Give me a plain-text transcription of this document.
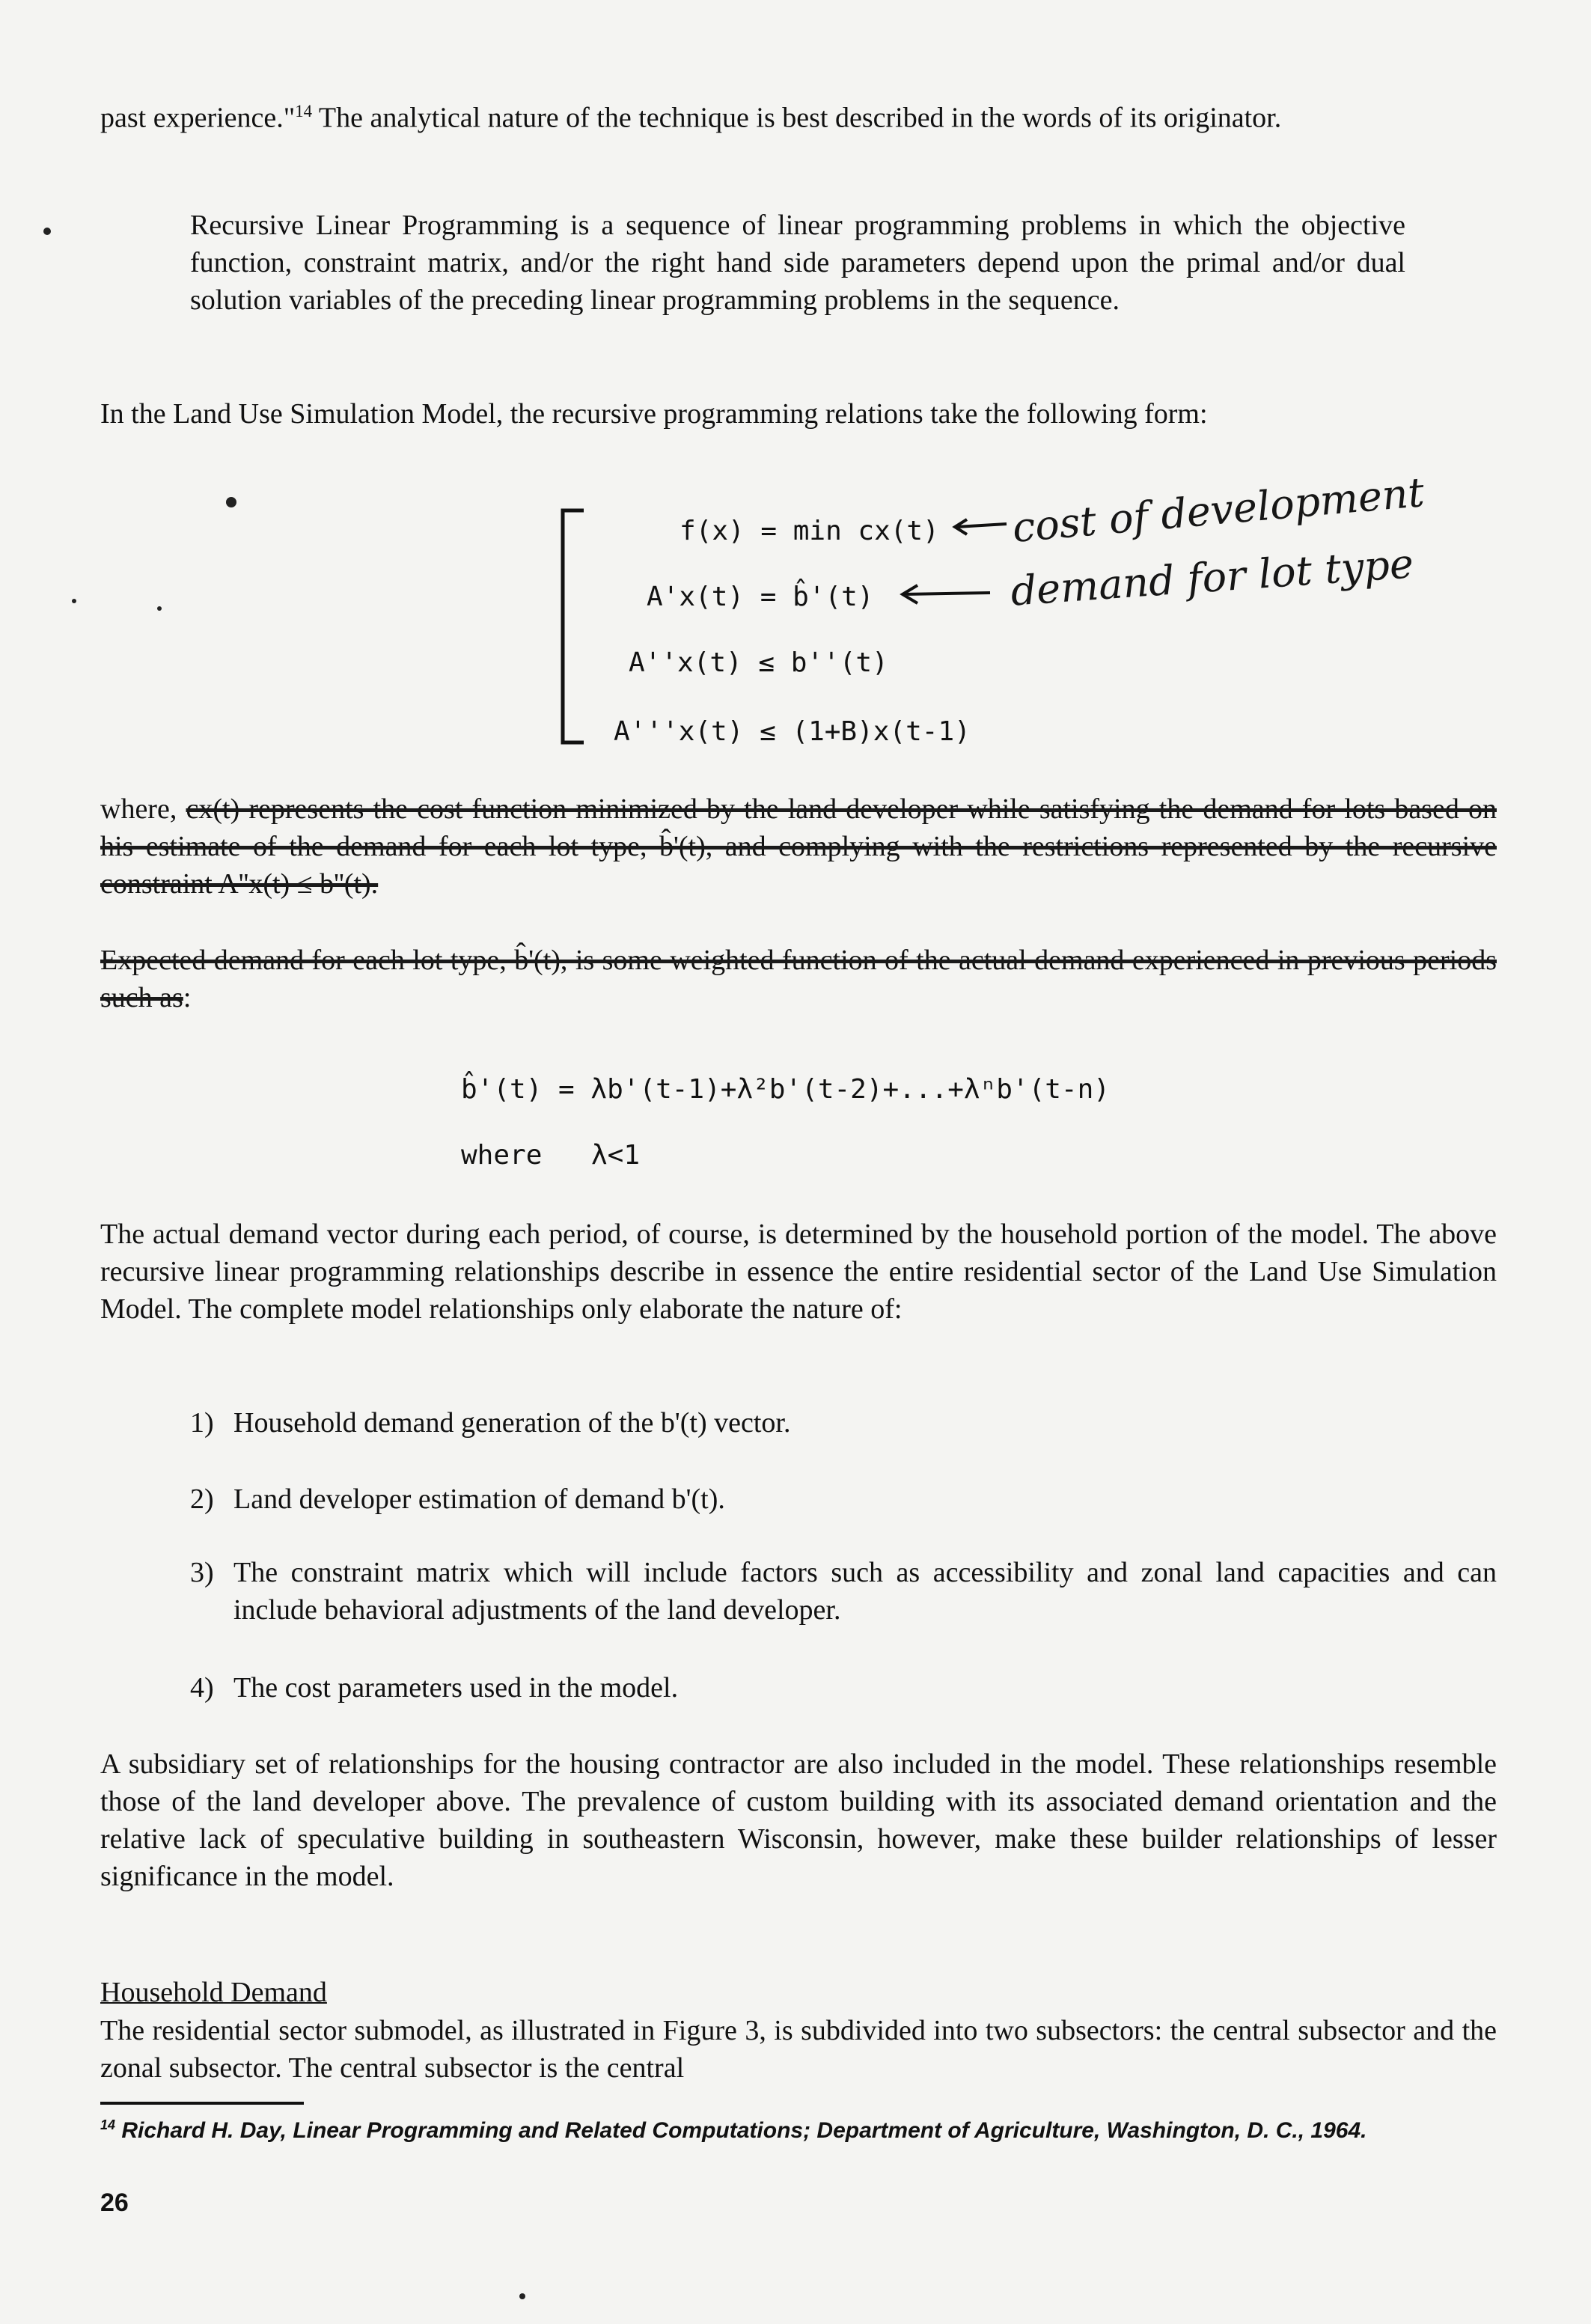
past experience."$^{14}$ The analytical nature of the technique is best described in the words of its originator.
Recursive Linear Programming is a sequence of linear programming problems in which the objective function, constraint matrix, and/or the right hand side parameters depend upon the primal and/or dual solution variables of the preceding linear programming problems in the sequence.
In the Land Use Simulation Model, the recursive programming relations take the following form:
f(x) = min cx(t)
A'x(t) = b̂'(t)
A''x(t) ≤ b''(t)
A'''x(t) ≤ (1+B)x(t-1)
cost of development
demand for lot type
where, cx(t) represents the cost function minimized by the land developer while satisfying the demand for lots based on his estimate of the demand for each lot type, b̂'(t), and complying with the restrictions represented by the recursive constraint A''x(t) ≤ b''(t).
Expected demand for each lot type, b̂'(t), is some weighted function of the actual demand experienced in previous periods such as:
b̂'(t) = λb'(t-1)+λ²b'(t-2)+...+λⁿb'(t-n)
where λ<1
The actual demand vector during each period, of course, is determined by the household portion of the model. The above recursive linear programming relationships describe in essence the entire residential sector of the Land Use Simulation Model. The complete model relationships only elaborate the nature of:
1) Household demand generation of the b'(t) vector.
2) Land developer estimation of demand b'(t).
3) The constraint matrix which will include factors such as accessibility and zonal land capacities and can include behavioral adjustments of the land developer.
4) The cost parameters used in the model.
A subsidiary set of relationships for the housing contractor are also included in the model. These relationships resemble those of the land developer above. The prevalence of custom building with its associated demand orientation and the relative lack of speculative building in southeastern Wisconsin, however, make these builder relationships of lesser significance in the model.
Household Demand
The residential sector submodel, as illustrated in Figure 3, is subdivided into two subsectors: the central subsector and the zonal subsector. The central subsector is the central
$^{14}$ Richard H. Day, Linear Programming and Related Computations; Department of Agriculture, Washington, D. C., 1964.
26
